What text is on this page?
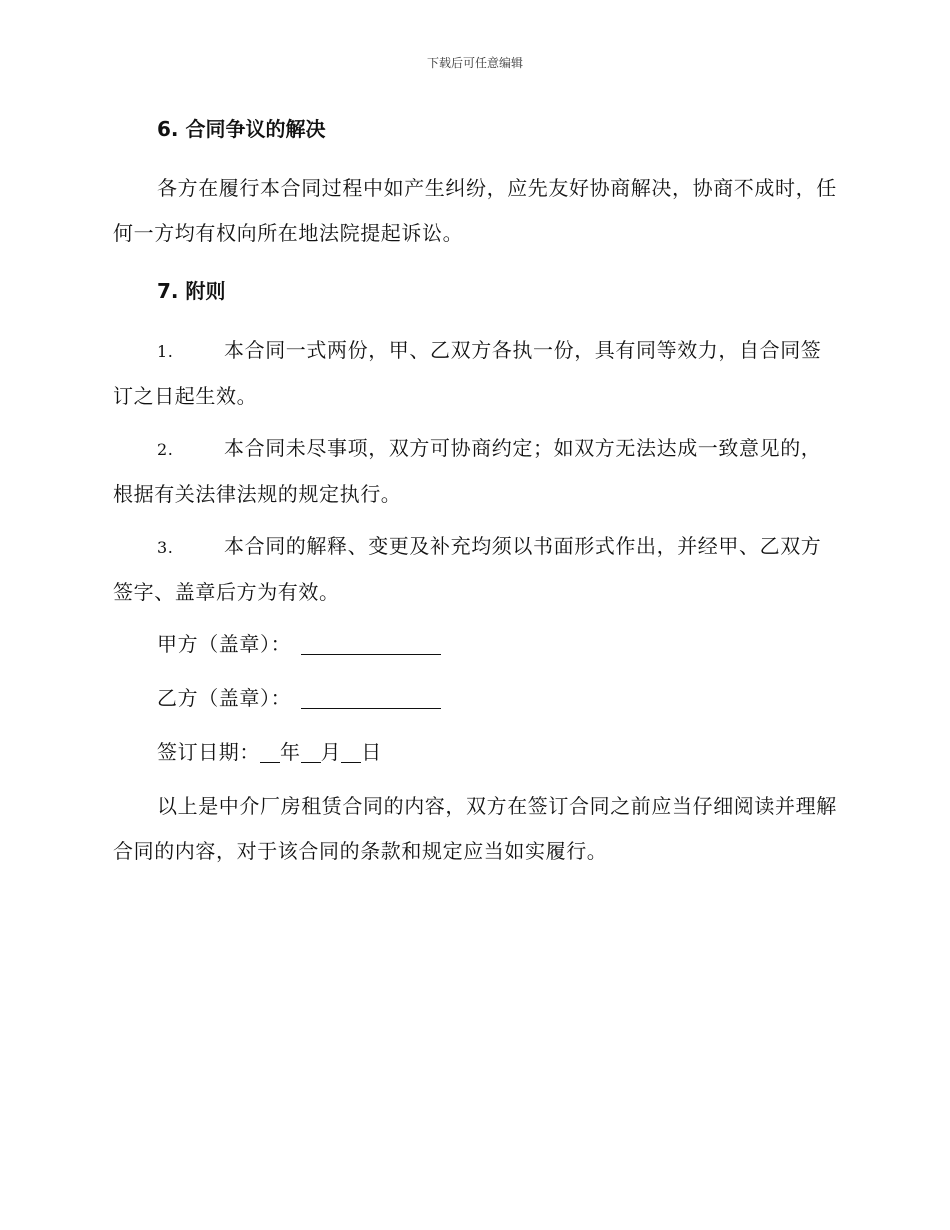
下载后可任意编辑
6. 合同争议的解决

各方在履行本合同过程中如产生纠纷，应先友好协商解决，协商不成时，任何一方均有权向所在地法院提起诉讼。

7. 附则
1.	本合同一式两份，甲、乙双方各执一份，具有同等效力，自合同签订之日起生效。
2.	本合同未尽事项，双方可协商约定；如双方无法达成一致意见的，根据有关法律法规的规定执行。
3.	本合同的解释、变更及补充均须以书面形式作出，并经甲、乙双方签字、盖章后方为有效。
甲方（盖章）：
乙方（盖章）：
签订日期： 年 月 日

以上是中介厂房租赁合同的内容，双方在签订合同之前应当仔细阅读并理解合同的内容，对于该合同的条款和规定应当如实履行。
